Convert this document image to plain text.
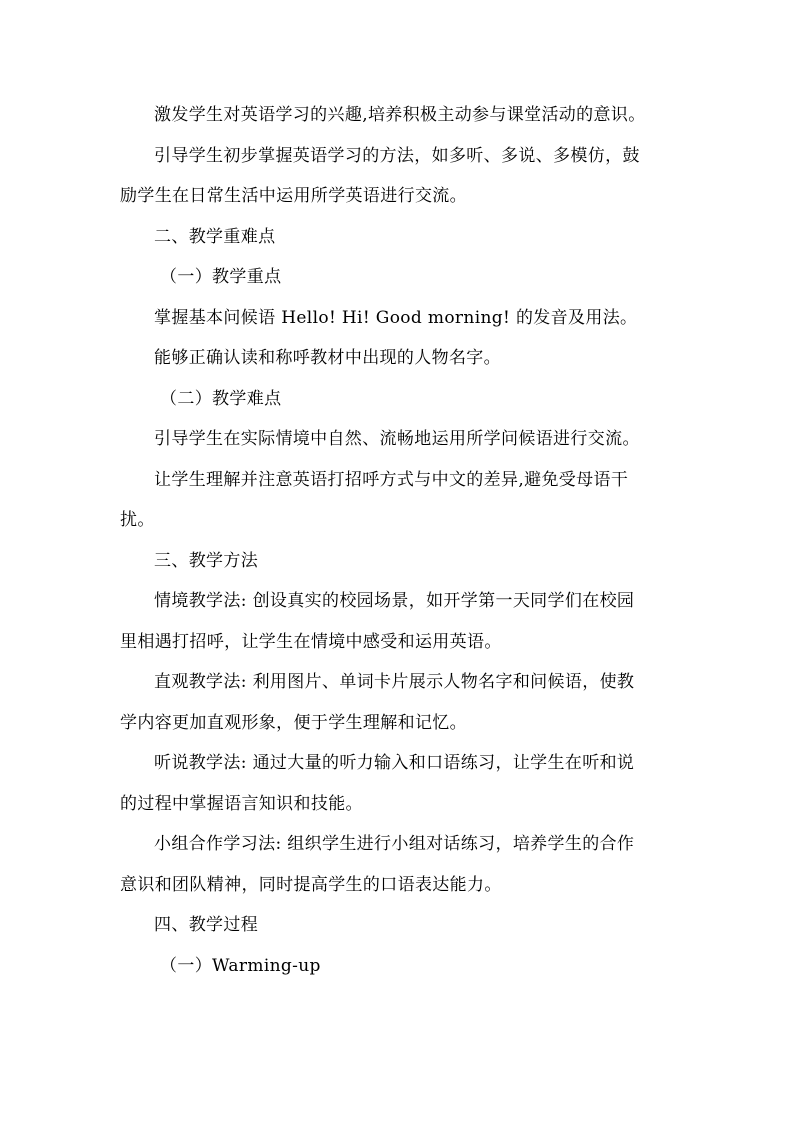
激发学生对英语学习的兴趣,培养积极主动参与课堂活动的意识。
引导学生初步掌握英语学习的方法，如多听、多说、多模仿，鼓
励学生在日常生活中运用所学英语进行交流。
二、教学重难点
（一）教学重点
掌握基本问候语 Hello! Hi! Good morning! 的发音及用法。
能够正确认读和称呼教材中出现的人物名字。
（二）教学难点
引导学生在实际情境中自然、流畅地运用所学问候语进行交流。
让学生理解并注意英语打招呼方式与中文的差异,避免受母语干
扰。
三、教学方法
情境教学法: 创设真实的校园场景，如开学第一天同学们在校园
里相遇打招呼，让学生在情境中感受和运用英语。
直观教学法: 利用图片、单词卡片展示人物名字和问候语，使教
学内容更加直观形象，便于学生理解和记忆。
听说教学法: 通过大量的听力输入和口语练习，让学生在听和说
的过程中掌握语言知识和技能。
小组合作学习法: 组织学生进行小组对话练习，培养学生的合作
意识和团队精神，同时提高学生的口语表达能力。
四、教学过程
（一）Warming-up
